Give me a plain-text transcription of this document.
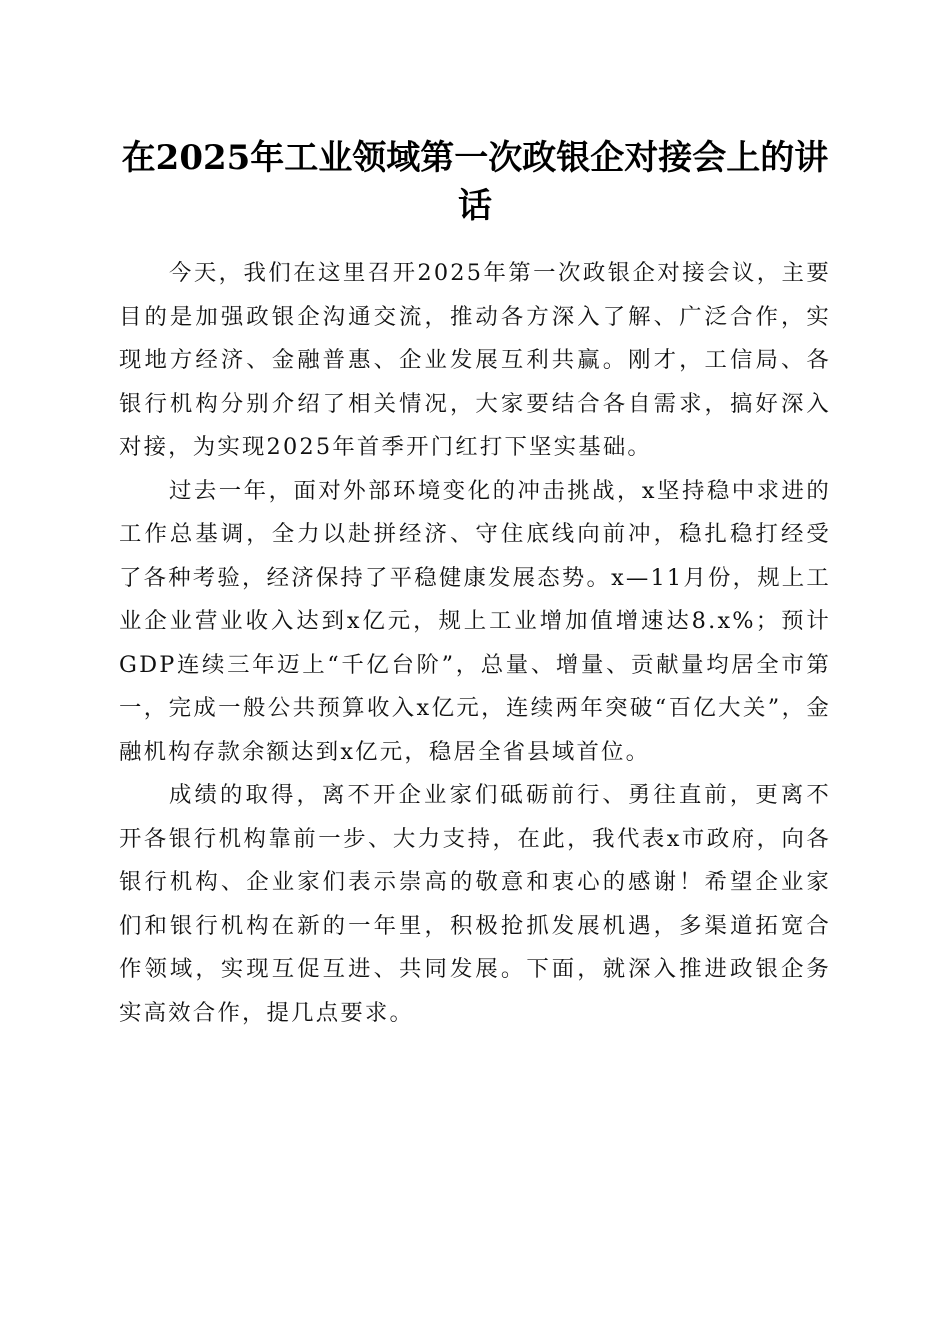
在2025年工业领域第一次政银企对接会上的讲话

今天，我们在这里召开2025年第一次政银企对接会议，主要目的是加强政银企沟通交流，推动各方深入了解、广泛合作，实现地方经济、金融普惠、企业发展互利共赢。刚才，工信局、各银行机构分别介绍了相关情况，大家要结合各自需求，搞好深入对接，为实现2025年首季开门红打下坚实基础。

过去一年，面对外部环境变化的冲击挑战，x坚持稳中求进的工作总基调，全力以赴拼经济、守住底线向前冲，稳扎稳打经受了各种考验，经济保持了平稳健康发展态势。x—11月份，规上工业企业营业收入达到x亿元，规上工业增加值增速达8.x%；预计GDP连续三年迈上“千亿台阶”，总量、增量、贡献量均居全市第一，完成一般公共预算收入x亿元，连续两年突破“百亿大关”，金融机构存款余额达到x亿元，稳居全省县域首位。

成绩的取得，离不开企业家们砥砺前行、勇往直前，更离不开各银行机构靠前一步、大力支持，在此，我代表x市政府，向各银行机构、企业家们表示崇高的敬意和衷心的感谢！希望企业家们和银行机构在新的一年里，积极抢抓发展机遇，多渠道拓宽合作领域，实现互促互进、共同发展。下面，就深入推进政银企务实高效合作，提几点要求。
